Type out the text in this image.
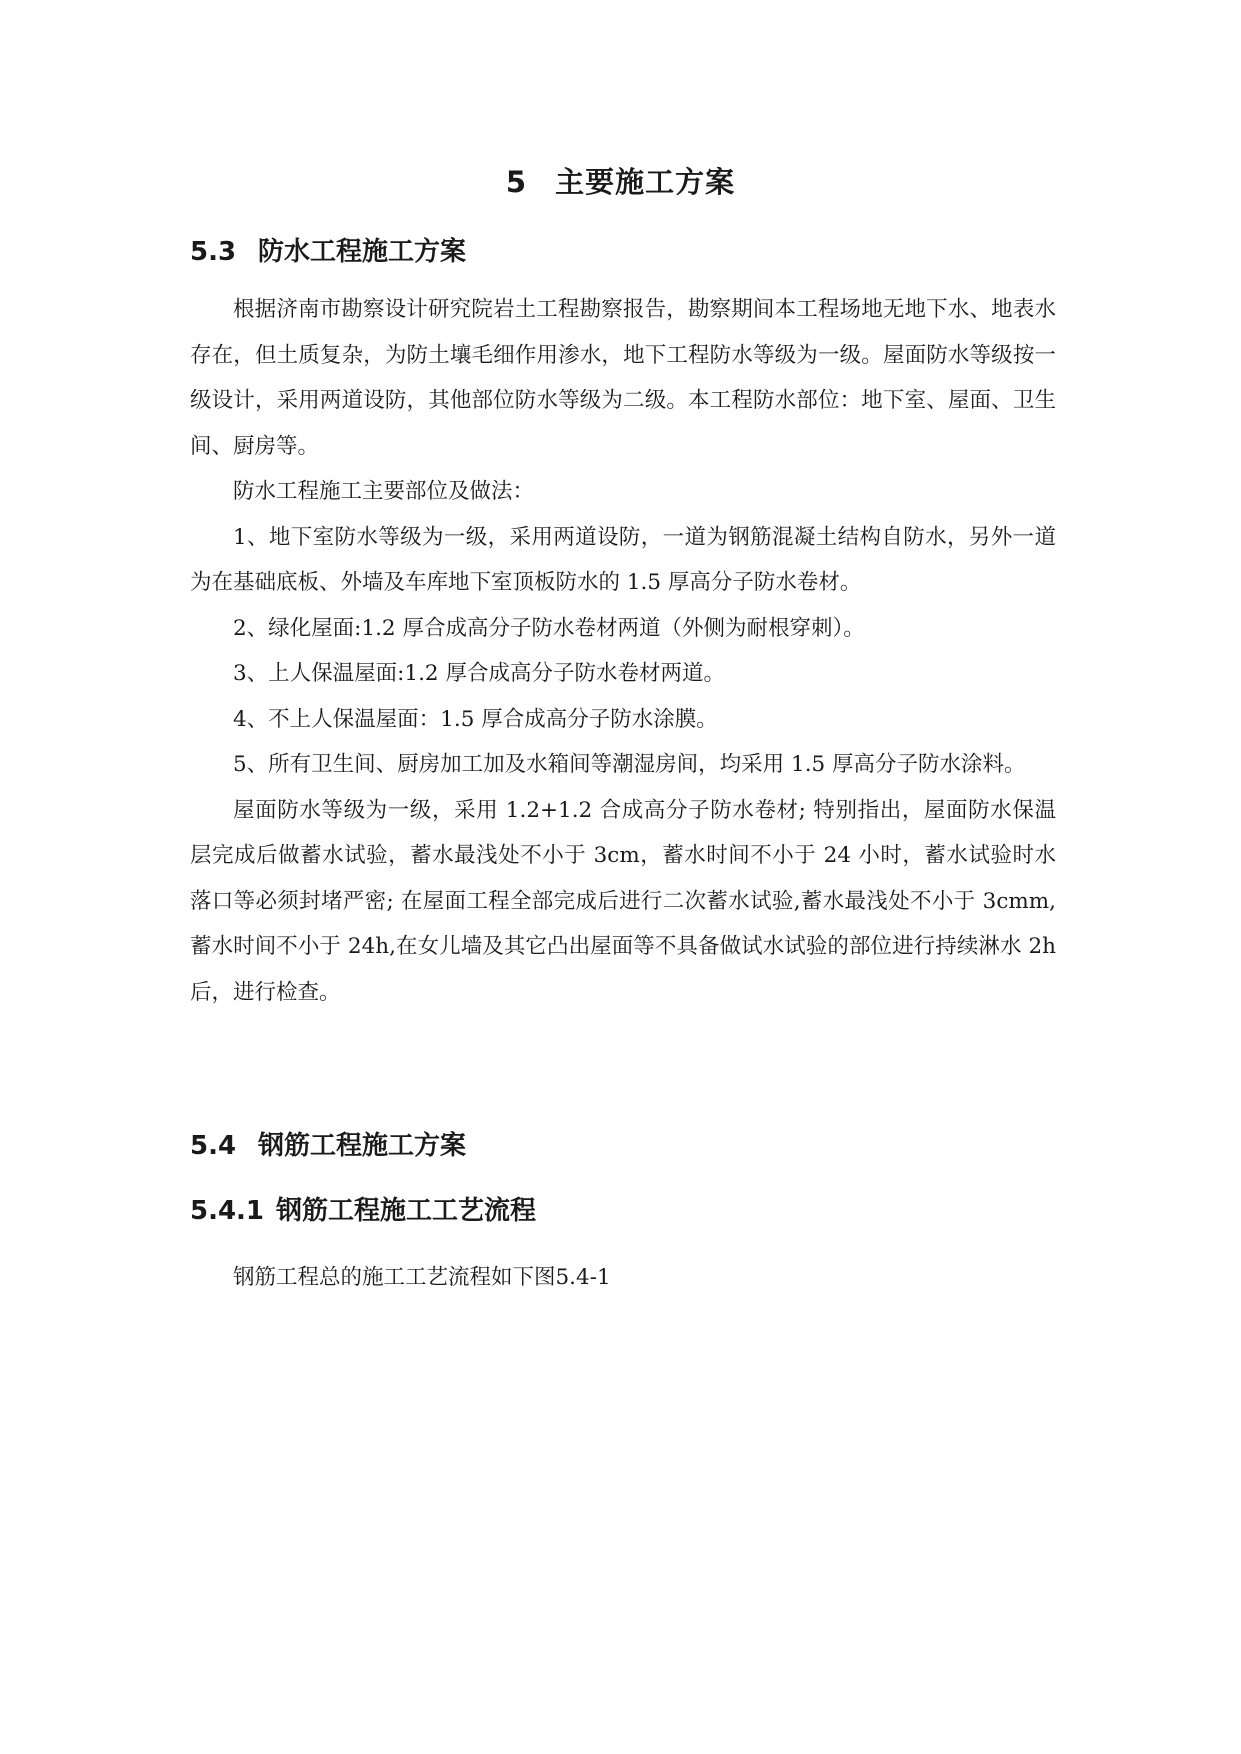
5 主要施工方案
5.3 防水工程施工方案

根据济南市勘察设计研究院岩土工程勘察报告，勘察期间本工程场地无地下水、地表水存在，但土质复杂，为防土壤毛细作用渗水，地下工程防水等级为一级。屋面防水等级按一级设计，采用两道设防，其他部位防水等级为二级。本工程防水部位：地下室、屋面、卫生间、厨房等。

防水工程施工主要部位及做法：

1、地下室防水等级为一级，采用两道设防，一道为钢筋混凝土结构自防水，另外一道为在基础底板、外墙及车库地下室顶板防水的 1.5 厚高分子防水卷材。

2、绿化屋面:1.2 厚合成高分子防水卷材两道（外侧为耐根穿刺）。

3、上人保温屋面:1.2 厚合成高分子防水卷材两道。

4、不上人保温屋面：1.5 厚合成高分子防水涂膜。

5、所有卫生间、厨房加工加及水箱间等潮湿房间，均采用 1.5 厚高分子防水涂料。

屋面防水等级为一级，采用 1.2+1.2 合成高分子防水卷材; 特别指出，屋面防水保温层完成后做蓄水试验，蓄水最浅处不小于 3cm，蓄水时间不小于 24 小时，蓄水试验时水落口等必须封堵严密; 在屋面工程全部完成后进行二次蓄水试验,蓄水最浅处不小于 3cmm,蓄水时间不小于 24h,在女儿墙及其它凸出屋面等不具备做试水试验的部位进行持续淋水 2h 后，进行检查。

5.4 钢筋工程施工方案
5.4.1 钢筋工程施工工艺流程

钢筋工程总的施工工艺流程如下图5.4-1
